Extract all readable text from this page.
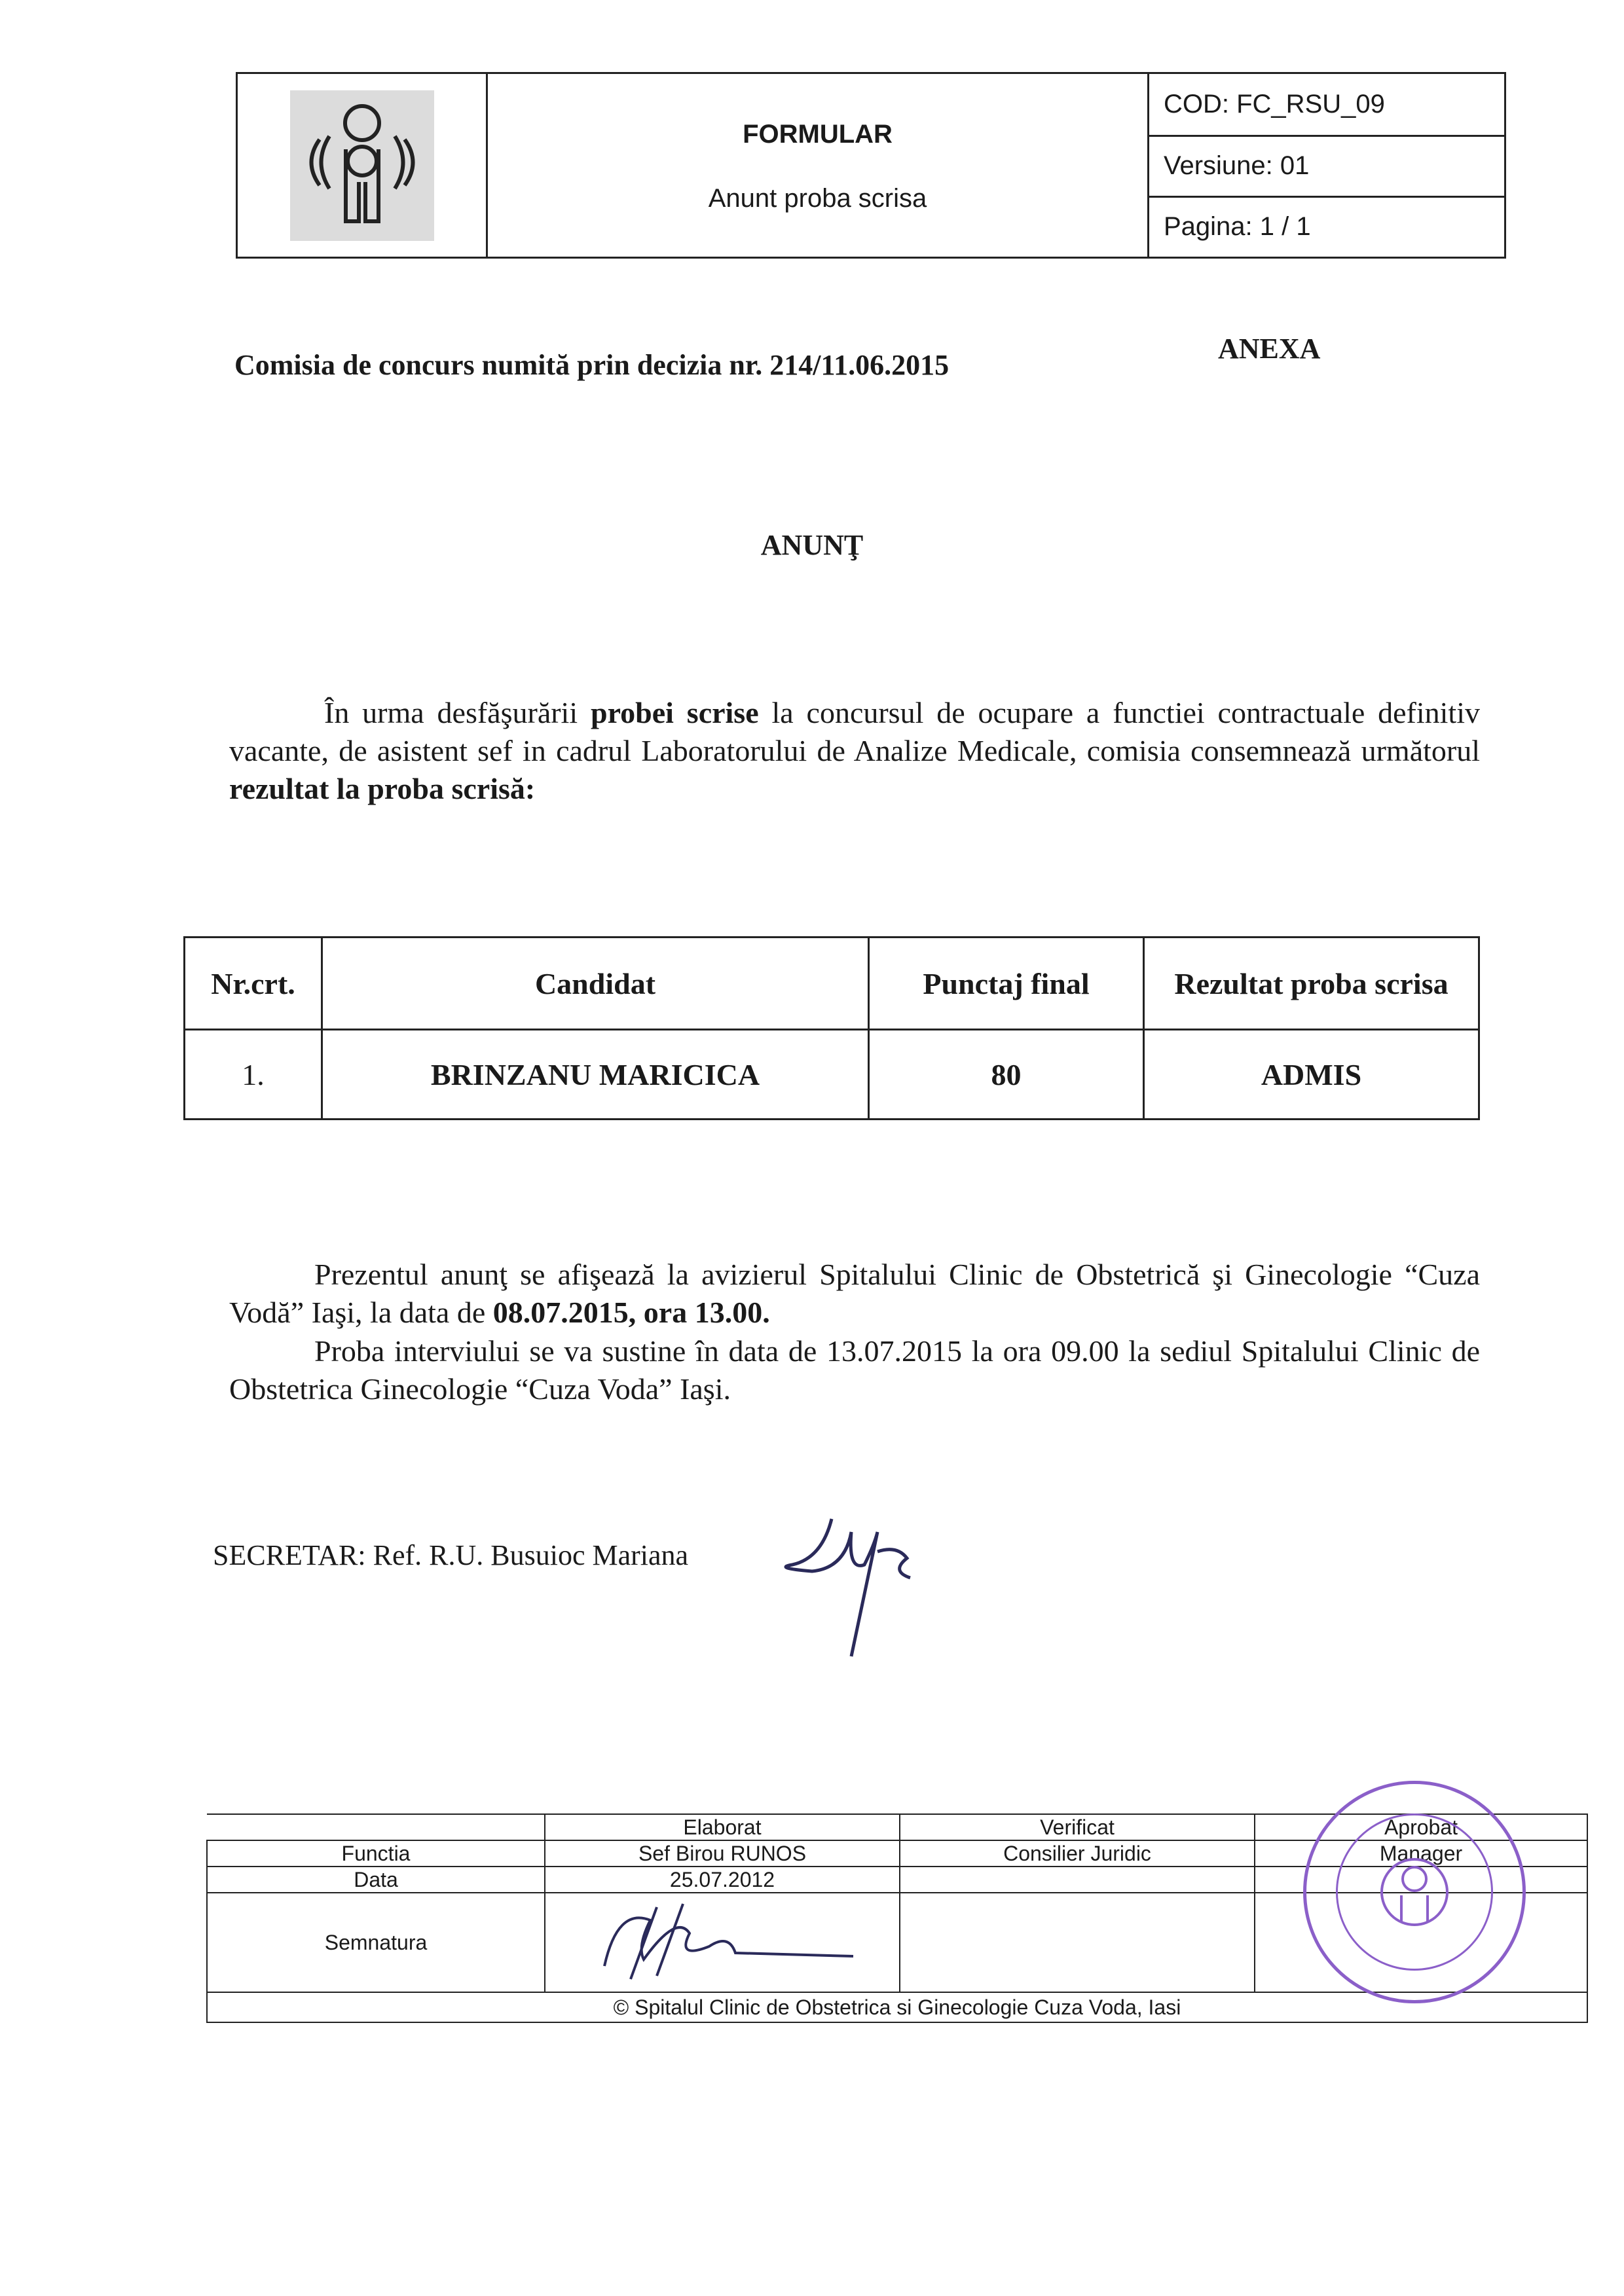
FORMULAR
Anunt proba scrisa
COD: FC_RSU_09
Versiune: 01
Pagina: 1 / 1
Comisia de concurs numită prin decizia nr. 214/11.06.2015
ANEXA
ANUNŢ
În urma desfăşurării probei scrise la concursul de ocupare a functiei contractuale definitiv vacante, de asistent sef in cadrul Laboratorului de Analize Medicale, comisia consemnează următorul rezultat la proba scrisă:
Nr.crt.	Candidat	Punctaj final	Rezultat proba scrisa
1.	BRINZANU MARICICA	80	ADMIS
Prezentul anunţ se afişează la avizierul Spitalului Clinic de Obstetrică şi Ginecologie “Cuza Vodă” Iaşi, la data de 08.07.2015, ora 13.00.
Proba interviului se va sustine în data de 13.07.2015 la ora 09.00 la sediul Spitalului Clinic de Obstetrica Ginecologie “Cuza Voda” Iaşi.
SECRETAR: Ref. R.U. Busuioc Mariana
	Elaborat	Verificat	Aprobat
Functia	Sef Birou RUNOS	Consilier Juridic	Manager
Data	25.07.2012		
Semnatura			
© Spitalul Clinic de Obstetrica si Ginecologie Cuza Voda, Iasi			
